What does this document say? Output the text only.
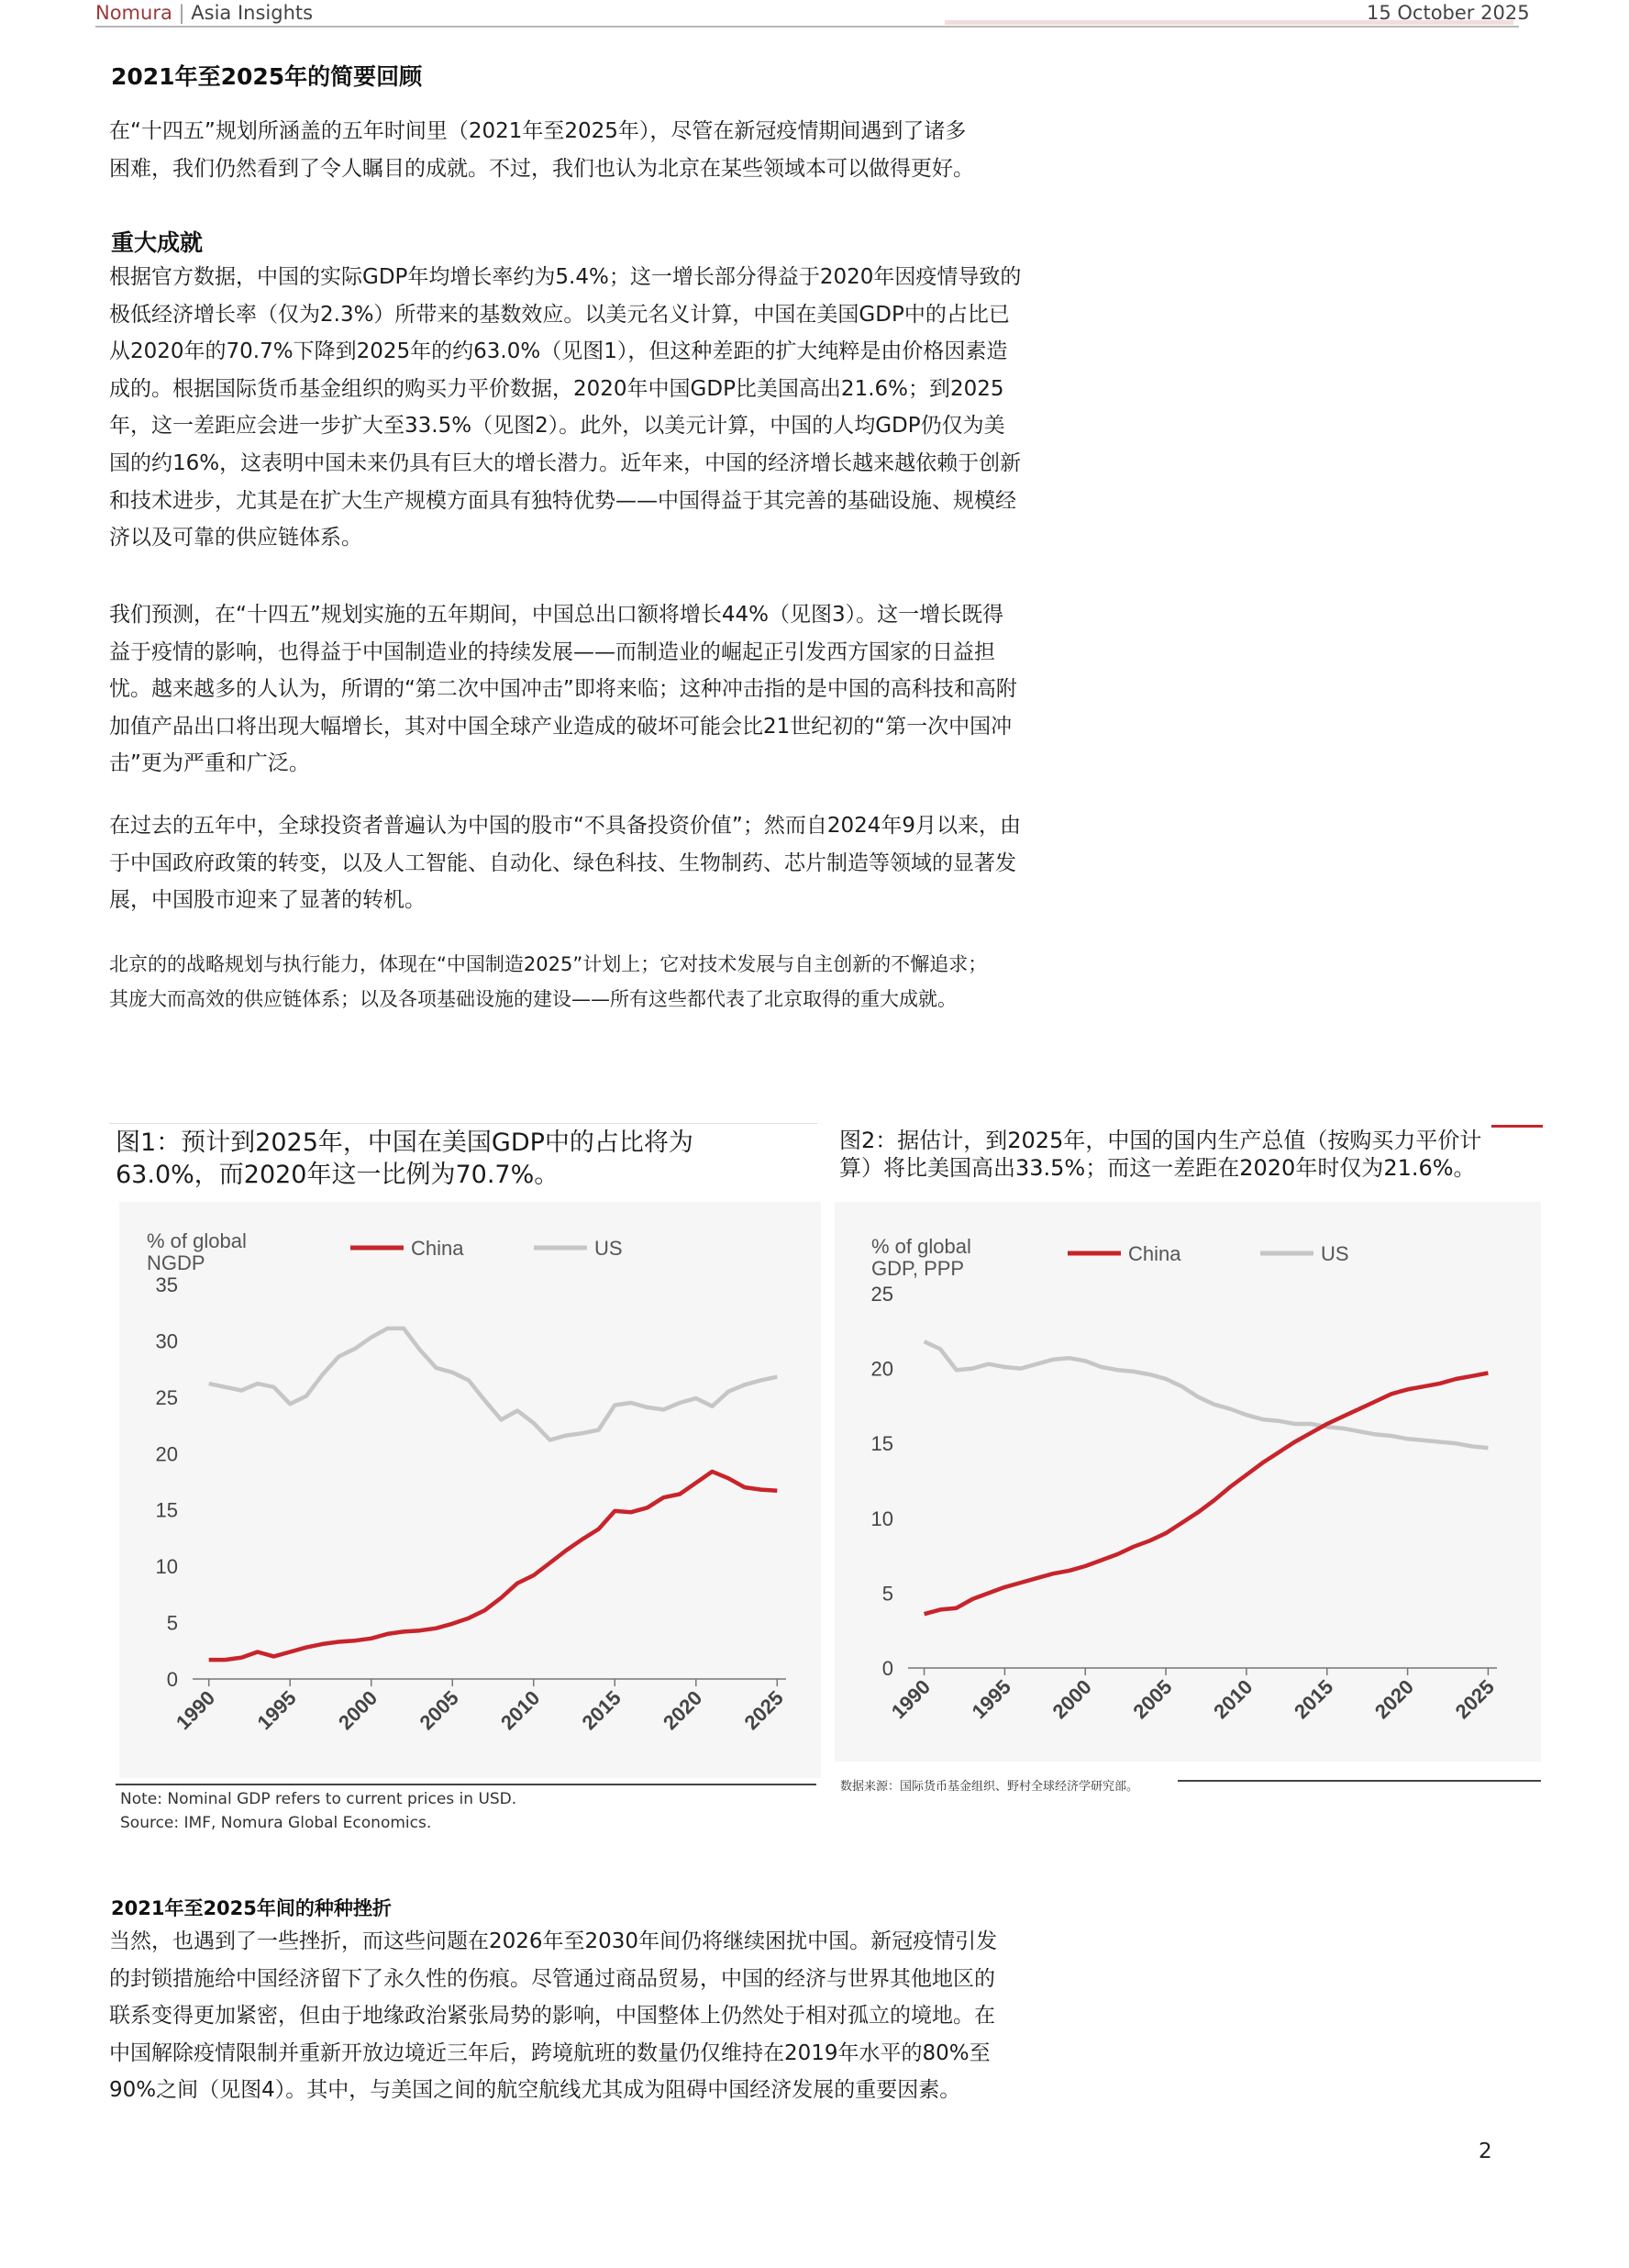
Nomura | Asia Insights	15 October 2025
2021年至2025年的简要回顾

在“十四五”规划所涵盖的五年时间里（2021年至2025年），尽管在新冠疫情期间遇到了诸多

困难，我们仍然看到了令人瞩目的成就。不过，我们也认为北京在某些领域本可以做得更好。

重大成就

根据官方数据，中国的实际GDP年均增长率约为5.4%；这一增长部分得益于2020年因疫情导致的

极低经济增长率（仅为2.3%）所带来的基数效应。以美元名义计算，中国在美国GDP中的占比已

从2020年的70.7%下降到2025年的约63.0%（见图1），但这种差距的扩大纯粹是由价格因素造

成的。根据国际货币基金组织的购买力平价数据，2020年中国GDP比美国高出21.6%；到2025

年，这一差距应会进一步扩大至33.5%（见图2）。此外，以美元计算，中国的人均GDP仍仅为美

国的约16%，这表明中国未来仍具有巨大的增长潜力。近年来，中国的经济增长越来越依赖于创新

和技术进步，尤其是在扩大生产规模方面具有独特优势——中国得益于其完善的基础设施、规模经

济以及可靠的供应链体系。

我们预测，在“十四五”规划实施的五年期间，中国总出口额将增长44%（见图3）。这一增长既得

益于疫情的影响，也得益于中国制造业的持续发展——而制造业的崛起正引发西方国家的日益担

忧。越来越多的人认为，所谓的“第二次中国冲击”即将来临；这种冲击指的是中国的高科技和高附

加值产品出口将出现大幅增长，其对中国全球产业造成的破坏可能会比21世纪初的“第一次中国冲

击”更为严重和广泛。

在过去的五年中，全球投资者普遍认为中国的股市“不具备投资价值”；然而自2024年9月以来，由

于中国政府政策的转变，以及人工智能、自动化、绿色科技、生物制药、芯片制造等领域的显著发

展，中国股市迎来了显著的转机。

北京的的战略规划与执行能力，体现在“中国制造2025”计划上；它对技术发展与自主创新的不懈追求；

其庞大而高效的供应链体系；以及各项基础设施的建设——所有这些都代表了北京取得的重大成就。

图1：预计到2025年，中国在美国GDP中的占比将为
63.0%，而2020年这一比例为70.7%。
% of global
NGDP
China	US
0
5
10
15
20
25
30
35
1990 1995 2000 2005 2010 2015 2020 2025
Note: Nominal GDP refers to current prices in USD.
Source: IMF, Nomura Global Economics.
图2：据估计，到2025年，中国的国内生产总值（按购买力平价计
算）将比美国高出33.5%；而这一差距在2020年时仅为21.6%。
% of global
GDP, PPP
China	US
0
5
10
15
20
25
1990 1995 2000 2005 2010 2015 2020 2025
数据来源：国际货币基金组织、野村全球经济学研究部。
2021年至2025年间的种种挫折

当然，也遇到了一些挫折，而这些问题在2026年至2030年间仍将继续困扰中国。新冠疫情引发

的封锁措施给中国经济留下了永久性的伤痕。尽管通过商品贸易，中国的经济与世界其他地区的

联系变得更加紧密，但由于地缘政治紧张局势的影响，中国整体上仍然处于相对孤立的境地。在

中国解除疫情限制并重新开放边境近三年后，跨境航班的数量仍仅维持在2019年水平的80%至

90%之间（见图4）。其中，与美国之间的航空航线尤其成为阻碍中国经济发展的重要因素。

2
